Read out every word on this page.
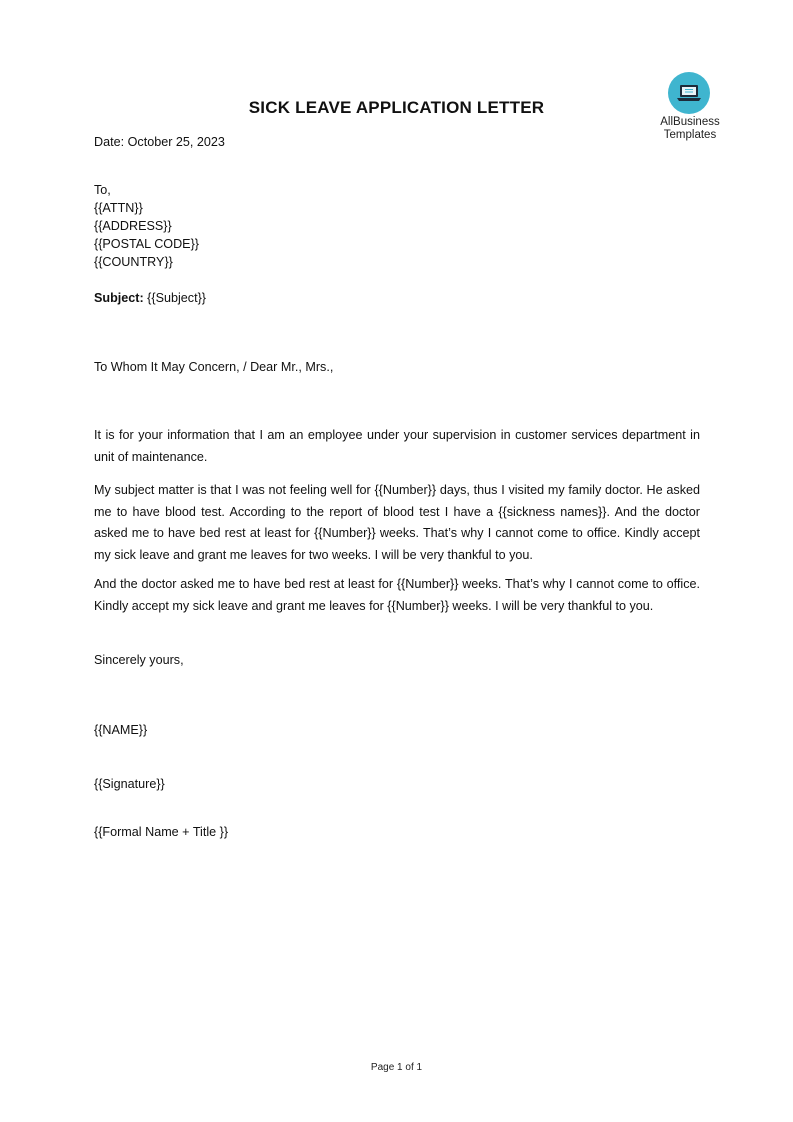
AllBusiness
Templates
SICK LEAVE APPLICATION LETTER
Date: October 25, 2023
To,
{{ATTN}}
{{ADDRESS}}
{{POSTAL CODE}}
{{COUNTRY}}
Subject: {{Subject}}
To Whom It May Concern, / Dear Mr., Mrs.,
It is for your information that I am an employee under your supervision in customer services department in unit of maintenance.
My subject matter is that I was not feeling well for {{Number}} days, thus I visited my family doctor. He asked me to have blood test. According to the report of blood test I have a {{sickness names}}. And the doctor asked me to have bed rest at least for {{Number}} weeks. That’s why I cannot come to office. Kindly accept my sick leave and grant me leaves for two weeks. I will be very thankful to you.
And the doctor asked me to have bed rest at least for {{Number}} weeks. That’s why I cannot come to office. Kindly accept my sick leave and grant me leaves for {{Number}} weeks. I will be very thankful to you.
Sincerely yours,
{{NAME}}
{{Signature}}
{{Formal Name + Title }}
Page 1 of 1
